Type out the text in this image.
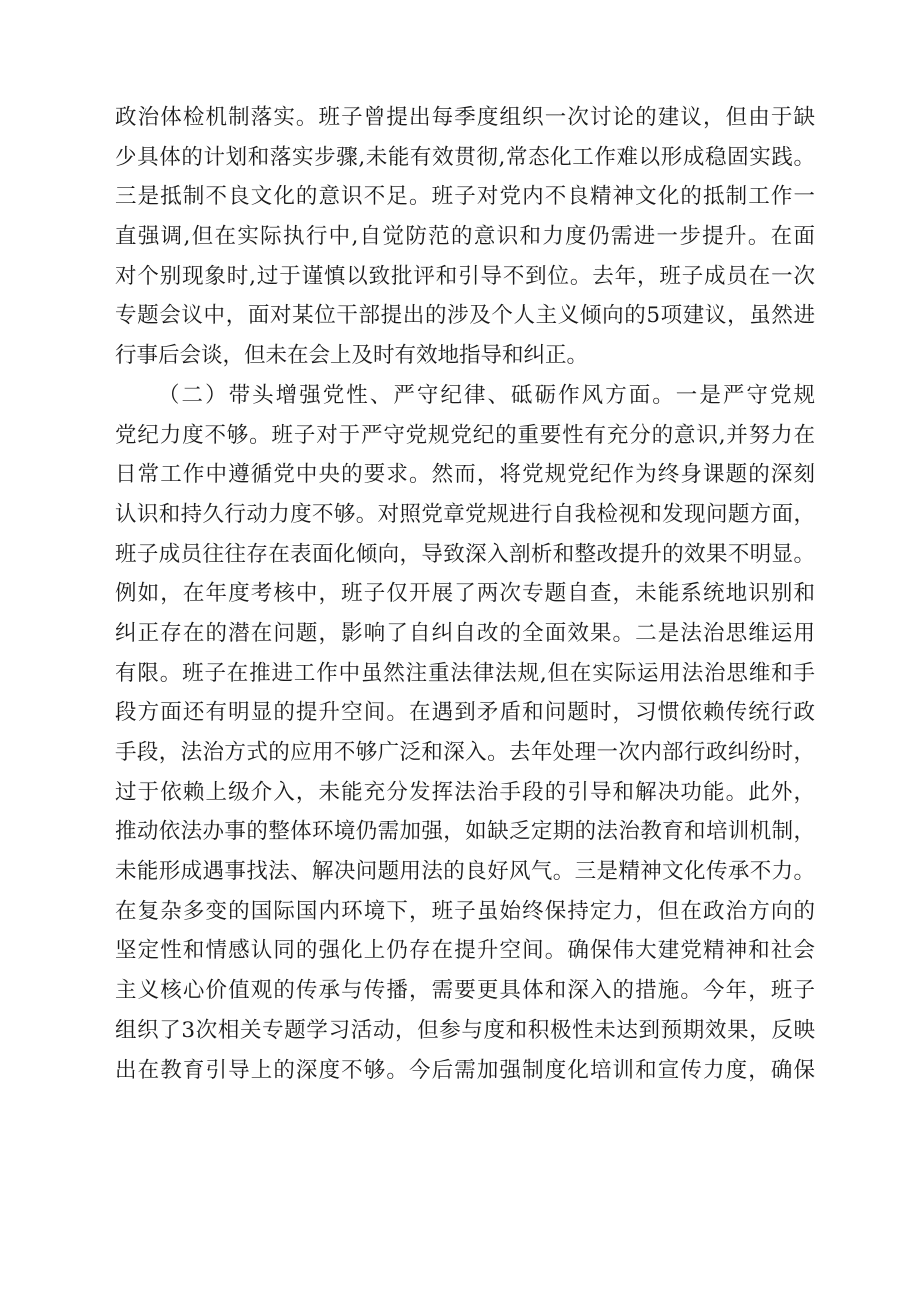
政治体检机制落实。班子曾提出每季度组织一次讨论的建议，但由于缺
少具体的计划和落实步骤,未能有效贯彻,常态化工作难以形成稳固实践。
三是抵制不良文化的意识不足。班子对党内不良精神文化的抵制工作一
直强调,但在实际执行中,自觉防范的意识和力度仍需进一步提升。在面
对个别现象时,过于谨慎以致批评和引导不到位。去年，班子成员在一次
专题会议中，面对某位干部提出的涉及个人主义倾向的5项建议，虽然进
行事后会谈，但未在会上及时有效地指导和纠正。
（二）带头增强党性、严守纪律、砥砺作风方面。一是严守党规
党纪力度不够。班子对于严守党规党纪的重要性有充分的意识,并努力在
日常工作中遵循党中央的要求。然而，将党规党纪作为终身课题的深刻
认识和持久行动力度不够。对照党章党规进行自我检视和发现问题方面，
班子成员往往存在表面化倾向，导致深入剖析和整改提升的效果不明显。
例如，在年度考核中，班子仅开展了两次专题自查，未能系统地识别和
纠正存在的潜在问题，影响了自纠自改的全面效果。二是法治思维运用
有限。班子在推进工作中虽然注重法律法规,但在实际运用法治思维和手
段方面还有明显的提升空间。在遇到矛盾和问题时，习惯依赖传统行政
手段，法治方式的应用不够广泛和深入。去年处理一次内部行政纠纷时，
过于依赖上级介入，未能充分发挥法治手段的引导和解决功能。此外，
推动依法办事的整体环境仍需加强，如缺乏定期的法治教育和培训机制，
未能形成遇事找法、解决问题用法的良好风气。三是精神文化传承不力。
在复杂多变的国际国内环境下，班子虽始终保持定力，但在政治方向的
坚定性和情感认同的强化上仍存在提升空间。确保伟大建党精神和社会
主义核心价值观的传承与传播，需要更具体和深入的措施。今年，班子
组织了3次相关专题学习活动，但参与度和积极性未达到预期效果，反映
出在教育引导上的深度不够。今后需加强制度化培训和宣传力度，确保
